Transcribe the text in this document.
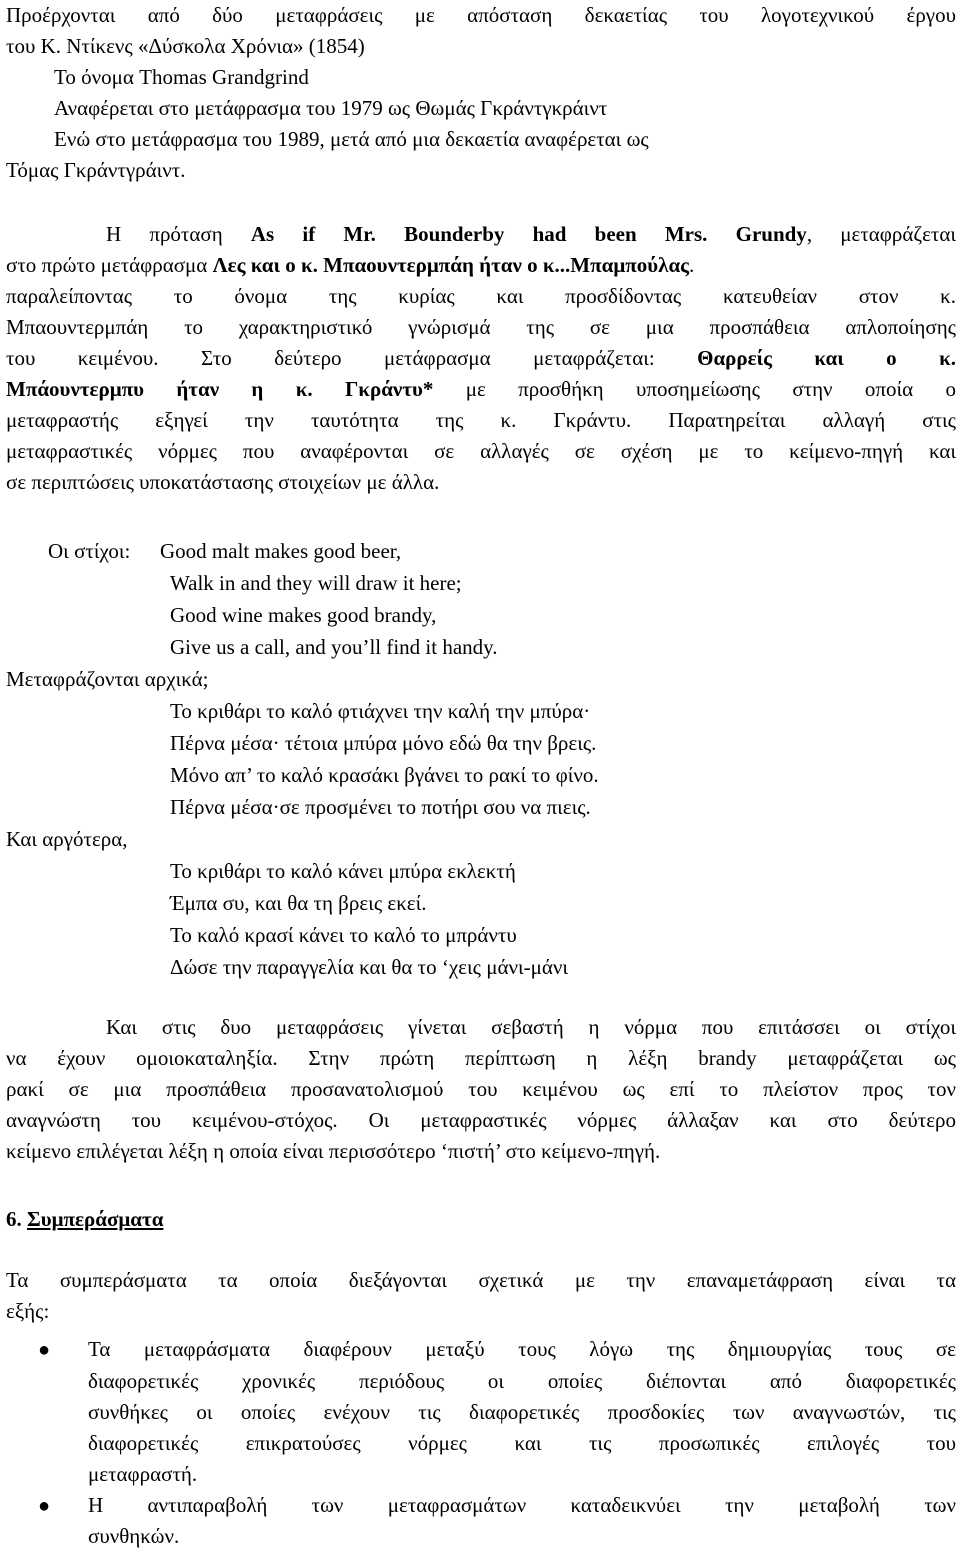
Προέρχονται από δύο μεταφράσεις με απόσταση δεκαετίας του λογοτεχνικού έργου
του Κ. Ντίκενς «Δύσκολα Χρόνια» (1854)
Το όνομα Thomas Grandgrind
Αναφέρεται στο μετάφρασμα του 1979 ως Θωμάς Γκράντγκράιντ
Ενώ στο μετάφρασμα του 1989, μετά από μια δεκαετία αναφέρεται ως
Τόμας Γκράντγράιντ.
Η πρόταση As if Mr. Bounderby had been Mrs. Grundy, μεταφράζεται
στο πρώτο μετάφρασμα Λες και ο κ. Μπαουντερμπάη ήταν ο κ...Μπαμπούλας.
παραλείποντας το όνομα της κυρίας και προσδίδοντας κατευθείαν στον κ.
Μπαουντερμπάη το χαρακτηριστικό γνώρισμά της σε μια προσπάθεια απλοποίησης
του κειμένου. Στο δεύτερο μετάφρασμα μεταφράζεται: Θαρρείς και ο κ.
Μπάουντερμπυ ήταν η κ. Γκράντυ* με προσθήκη υποσημείωσης στην οποία ο
μεταφραστής εξηγεί την ταυτότητα της κ. Γκράντυ. Παρατηρείται αλλαγή στις
μεταφραστικές νόρμες που αναφέρονται σε αλλαγές σε σχέση με το κείμενο-πηγή και
σε περιπτώσεις υποκατάστασης στοιχείων με άλλα.
Οι στίχοι: Good malt makes good beer,
Walk in and they will draw it here;
Good wine makes good brandy,
Give us a call, and you’ll find it handy.
Μεταφράζονται αρχικά;
Το κριθάρι το καλό φτιάχνει την καλή την μπύρα·
Πέρνα μέσα· τέτοια μπύρα μόνο εδώ θα την βρεις.
Μόνο απ’ το καλό κρασάκι βγάνει το ρακί το φίνο.
Πέρνα μέσα·σε προσμένει το ποτήρι σου να πιεις.
Και αργότερα,
Το κριθάρι το καλό κάνει μπύρα εκλεκτή
Έμπα συ, και θα τη βρεις εκεί.
Το καλό κρασί κάνει το καλό το μπράντυ
Δώσε την παραγγελία και θα το ‘χεις μάνι-μάνι
Και στις δυο μεταφράσεις γίνεται σεβαστή η νόρμα που επιτάσσει οι στίχοι
να έχουν ομοιοκαταληξία. Στην πρώτη περίπτωση η λέξη brandy μεταφράζεται ως
ρακί σε μια προσπάθεια προσανατολισμού του κειμένου ως επί το πλείστον προς τον
αναγνώστη του κειμένου-στόχος. Οι μεταφραστικές νόρμες άλλαξαν και στο δεύτερο
κείμενο επιλέγεται λέξη η οποία είναι περισσότερο ‘πιστή’ στο κείμενο-πηγή.
6. Συμπεράσματα
Τα συμπεράσματα τα οποία διεξάγονται σχετικά με την επαναμετάφραση είναι τα
εξής:
● Τα μεταφράσματα διαφέρουν μεταξύ τους λόγω της δημιουργίας τους σε
διαφορετικές χρονικές περιόδους οι οποίες διέπονται από διαφορετικές
συνθήκες οι οποίες ενέχουν τις διαφορετικές προσδοκίες των αναγνωστών, τις
διαφορετικές επικρατούσες νόρμες και τις προσωπικές επιλογές του
μεταφραστή.
● Η αντιπαραβολή των μεταφρασμάτων καταδεικνύει την μεταβολή των
συνθηκών.
